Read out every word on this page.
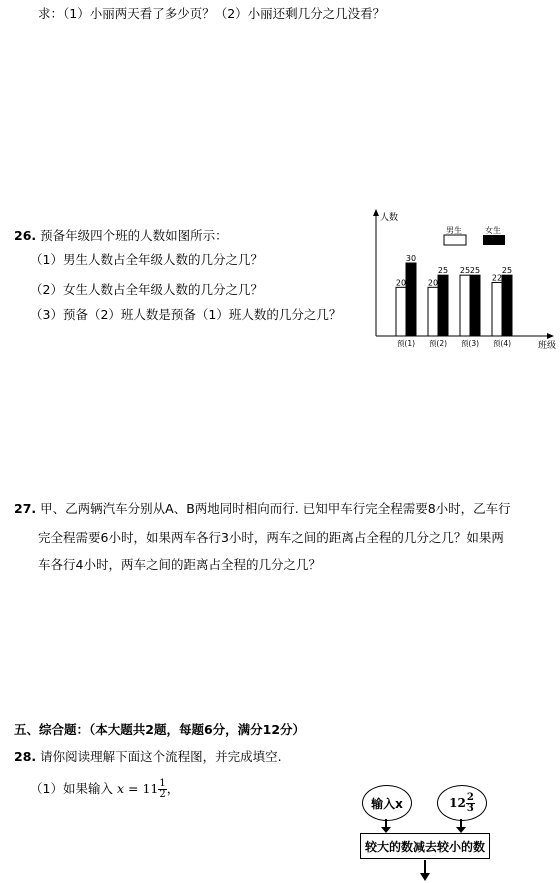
求：（1）小丽两天看了多少页？（2）小丽还剩几分之几没看？
26. 预备年级四个班的人数如图所示：
（1）男生人数占全年级人数的几分之几？
（2）女生人数占全年级人数的几分之几？
（3）预备（2）班人数是预备（1）班人数的几分之几？
人数
班级
男生	女生
20
30
预(1)
20
25
预(2)
25 25
预(3)
22
25
预(4)
27. 甲、乙两辆汽车分别从A、B两地同时相向而行. 已知甲车行完全程需要8小时，乙车行
完全程需要6小时，如果两车各行3小时，两车之间的距离占全程的几分之几？如果两
车各行4小时，两车之间的距离占全程的几分之几？
五、综合题：（本大题共2题，每题6分，满分12分）
28. 请你阅读理解下面这个流程图，并完成填空.
（1）如果输入 $x = 11 \frac{1}{2}$ ，
输入x	$12 \frac{2}{3}$
较大的数减去较小的数
